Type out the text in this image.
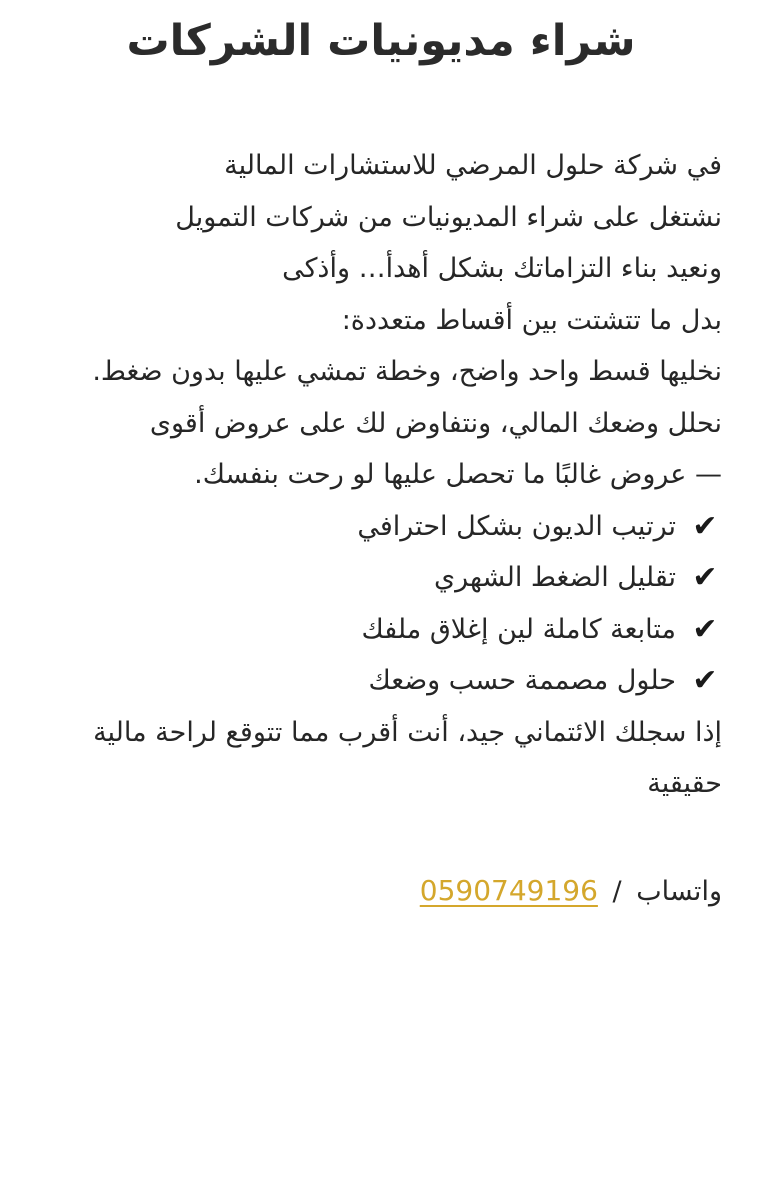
شراء مديونيات الشركات
في شركة حلول المرضي للاستشارات المالية
نشتغل على شراء المديونيات من شركات التمويل
ونعيد بناء التزاماتك بشكل أهدأ… وأذكى
بدل ما تتشتت بين أقساط متعددة:
نخليها قسط واحد واضح، وخطة تمشي عليها بدون ضغط.
نحلل وضعك المالي، ونتفاوض لك على عروض أقوى
— عروض غالبًا ما تحصل عليها لو رحت بنفسك.
✔
ترتيب الديون بشكل احترافي
✔
تقليل الضغط الشهري
✔
متابعة كاملة لين إغلاق ملفك
✔
حلول مصممة حسب وضعك
إذا سجلك الائتماني جيد، أنت أقرب مما تتوقع لراحة مالية
حقيقية
واتساب / 0590749196
